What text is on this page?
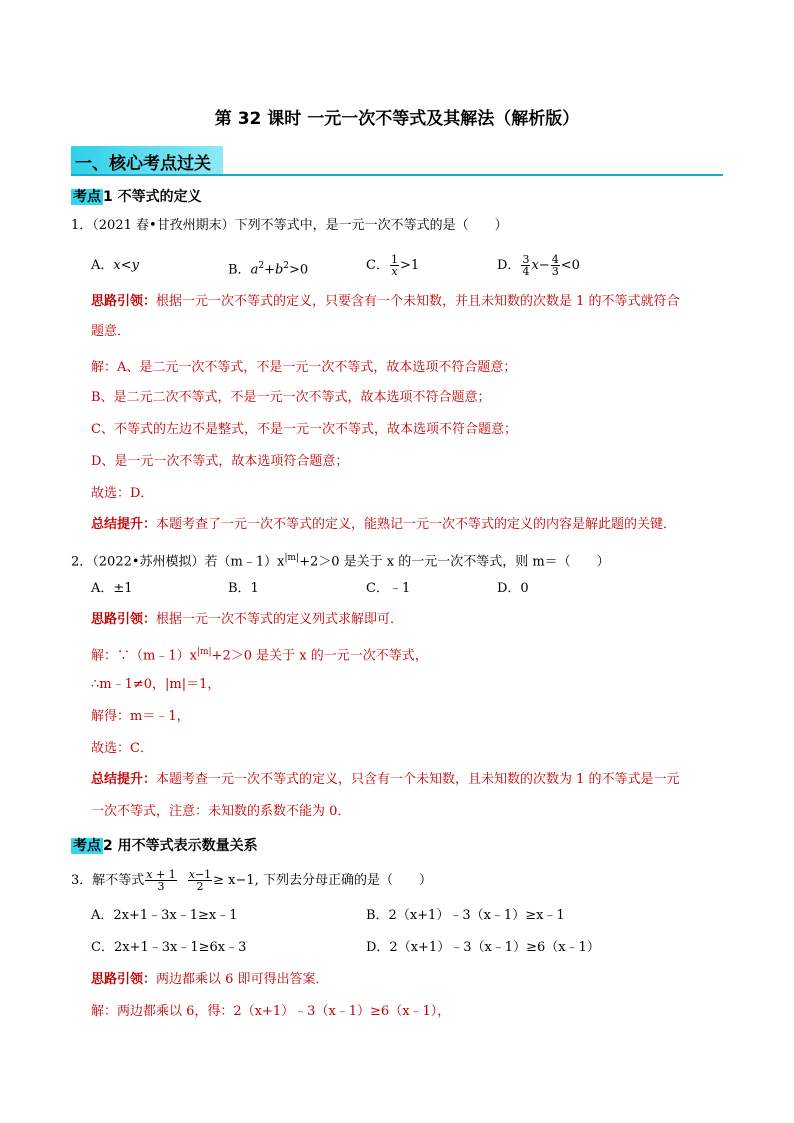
第 32 课时 一元一次不等式及其解法（解析版）
一、核心考点过关
考点 1 不等式的定义
1．（2021 春•甘孜州期末）下列不等式中，是一元一次不等式的是（　　）
A．x<y	B．$a^2+b^2>0$	C． $\frac{1}{x} >1$	D． $\frac{3}{4} x- \frac{4}{3} <0$
思路引领：根据一元一次不等式的定义，只要含有一个未知数，并且未知数的次数是 1 的不等式就符合
题意．
解：A、是二元一次不等式，不是一元一次不等式，故本选项不符合题意；
B、是二元二次不等式，不是一元一次不等式，故本选项不符合题意；
C、不等式的左边不是整式，不是一元一次不等式，故本选项不符合题意；
D、是一元一次不等式，故本选项符合题意；
故选：D．
总结提升：本题考查了一元一次不等式的定义，能熟记一元一次不等式的定义的内容是解此题的关键．
2．（2022•苏州模拟）若$(m﹣1)x^{|m|}+2>0$ 是关于 x 的一元一次不等式，则 m＝（　　）
A．±1	B．1	C．﹣1	D．0
思路引领：根据一元一次不等式的定义列式求解即可．
解：$\because(m﹣1)x^{|m|}+2>0$ 是关于 x 的一元一次不等式，
∴m﹣1≠0，|m|＝1，
解得：m＝﹣1，
故选：C．
总结提升：本题考查一元一次不等式的定义，只含有一个未知数，且未知数的次数为 1 的不等式是一元
一次不等式，注意：未知数的系数不能为 0．
考点 2 用不等式表示数量关系
3．解不等式 $\frac{x + 1}{3} \frac{x-1}{2} \ge x-1$, 下列去分母正确的是（　　）
A．2x+1﹣3x﹣1≥x﹣1	B．2（x+1）﹣3（x﹣1）≥x﹣1
C．2x+1﹣3x﹣1≥6x﹣3	D．2（x+1）﹣3（x﹣1）≥6（x﹣1）
思路引领：两边都乘以 6 即可得出答案．
解：两边都乘以 6，得：2（x+1）﹣3（x﹣1）≥6（x﹣1），
